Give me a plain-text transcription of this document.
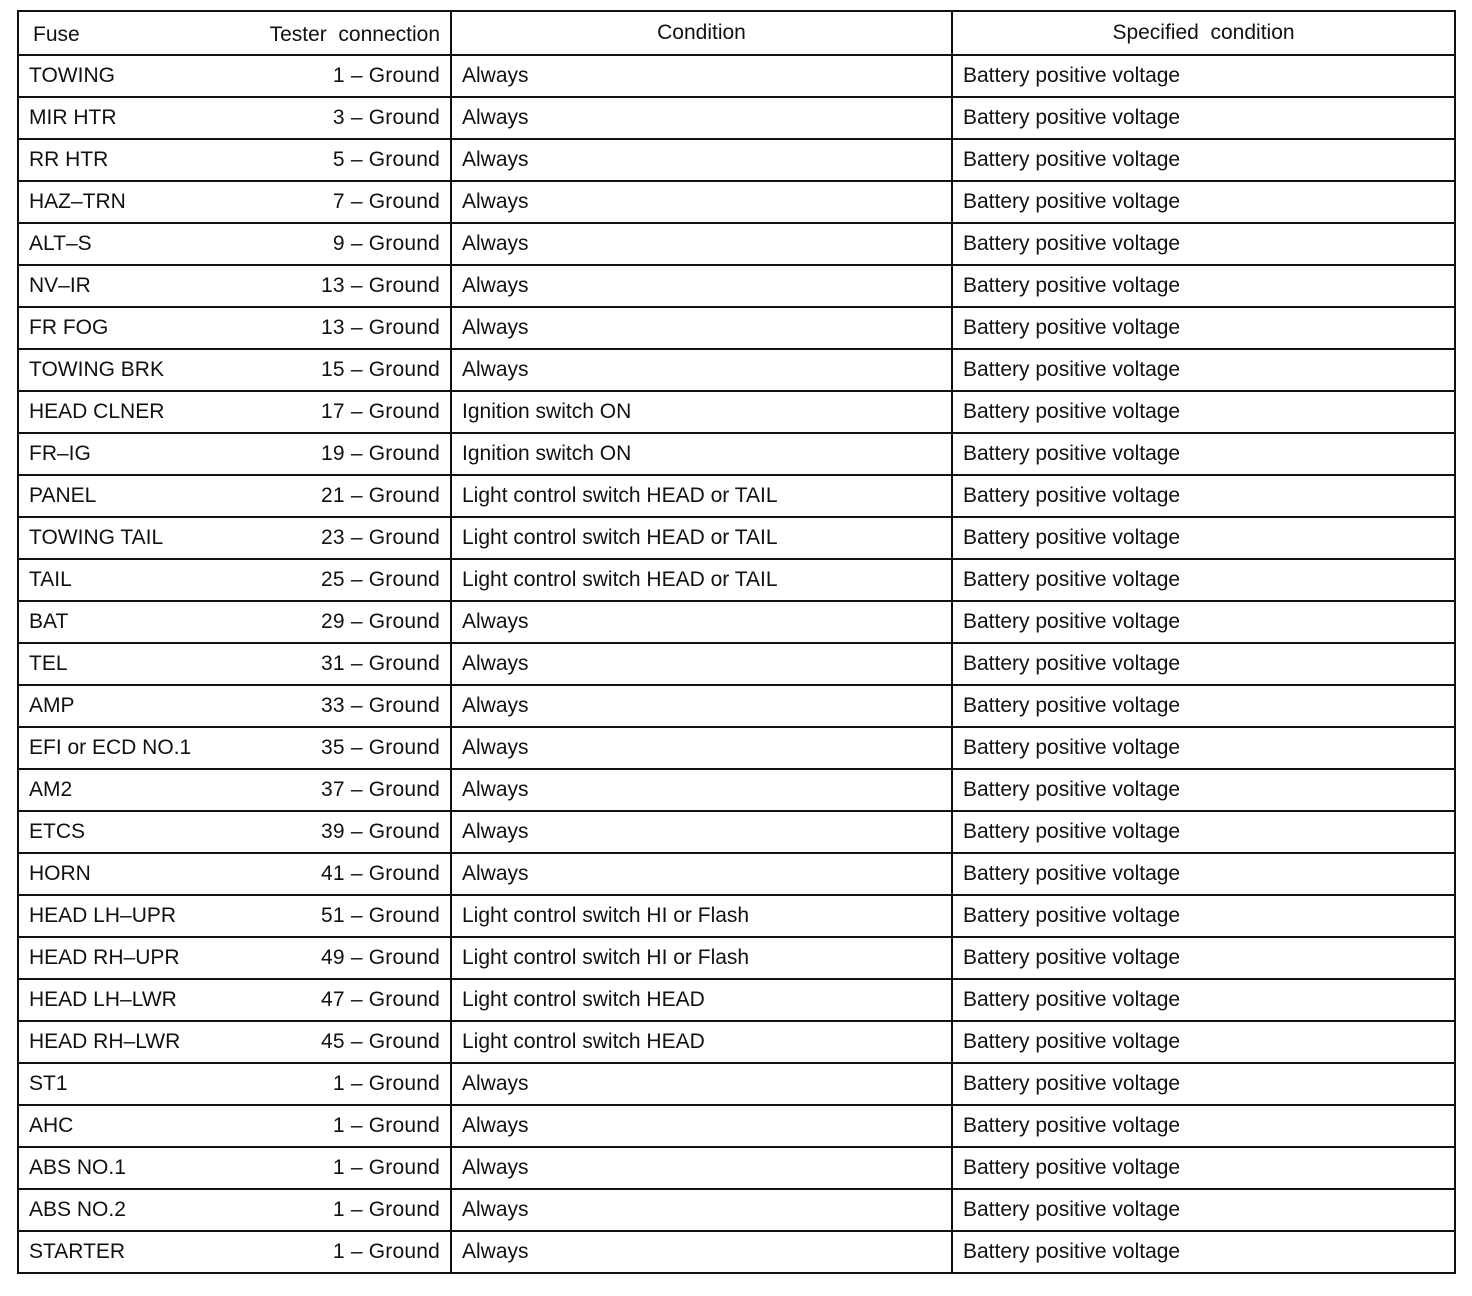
Fuse Tester  connection	Condition	Specified  condition

TOWING 1 – Ground	Always	Battery positive voltage

MIR HTR 3 – Ground	Always	Battery positive voltage

RR HTR 5 – Ground	Always	Battery positive voltage

HAZ–TRN 7 – Ground	Always	Battery positive voltage

ALT–S 9 – Ground	Always	Battery positive voltage

NV–IR 13 – Ground	Always	Battery positive voltage

FR FOG 13 – Ground	Always	Battery positive voltage

TOWING BRK 15 – Ground	Always	Battery positive voltage

HEAD CLNER 17 – Ground	Ignition switch ON	Battery positive voltage

FR–IG 19 – Ground	Ignition switch ON	Battery positive voltage

PANEL 21 – Ground	Light control switch HEAD or TAIL	Battery positive voltage

TOWING TAIL 23 – Ground	Light control switch HEAD or TAIL	Battery positive voltage

TAIL 25 – Ground	Light control switch HEAD or TAIL	Battery positive voltage

BAT 29 – Ground	Always	Battery positive voltage

TEL 31 – Ground	Always	Battery positive voltage

AMP 33 – Ground	Always	Battery positive voltage

EFI or ECD NO.1 35 – Ground	Always	Battery positive voltage

AM2 37 – Ground	Always	Battery positive voltage

ETCS 39 – Ground	Always	Battery positive voltage

HORN 41 – Ground	Always	Battery positive voltage

HEAD LH–UPR 51 – Ground	Light control switch HI or Flash	Battery positive voltage

HEAD RH–UPR 49 – Ground	Light control switch HI or Flash	Battery positive voltage

HEAD LH–LWR 47 – Ground	Light control switch HEAD	Battery positive voltage

HEAD RH–LWR 45 – Ground	Light control switch HEAD	Battery positive voltage

ST1 1 – Ground	Always	Battery positive voltage

AHC 1 – Ground	Always	Battery positive voltage

ABS NO.1 1 – Ground	Always	Battery positive voltage

ABS NO.2 1 – Ground	Always	Battery positive voltage

STARTER 1 – Ground	Always	Battery positive voltage
